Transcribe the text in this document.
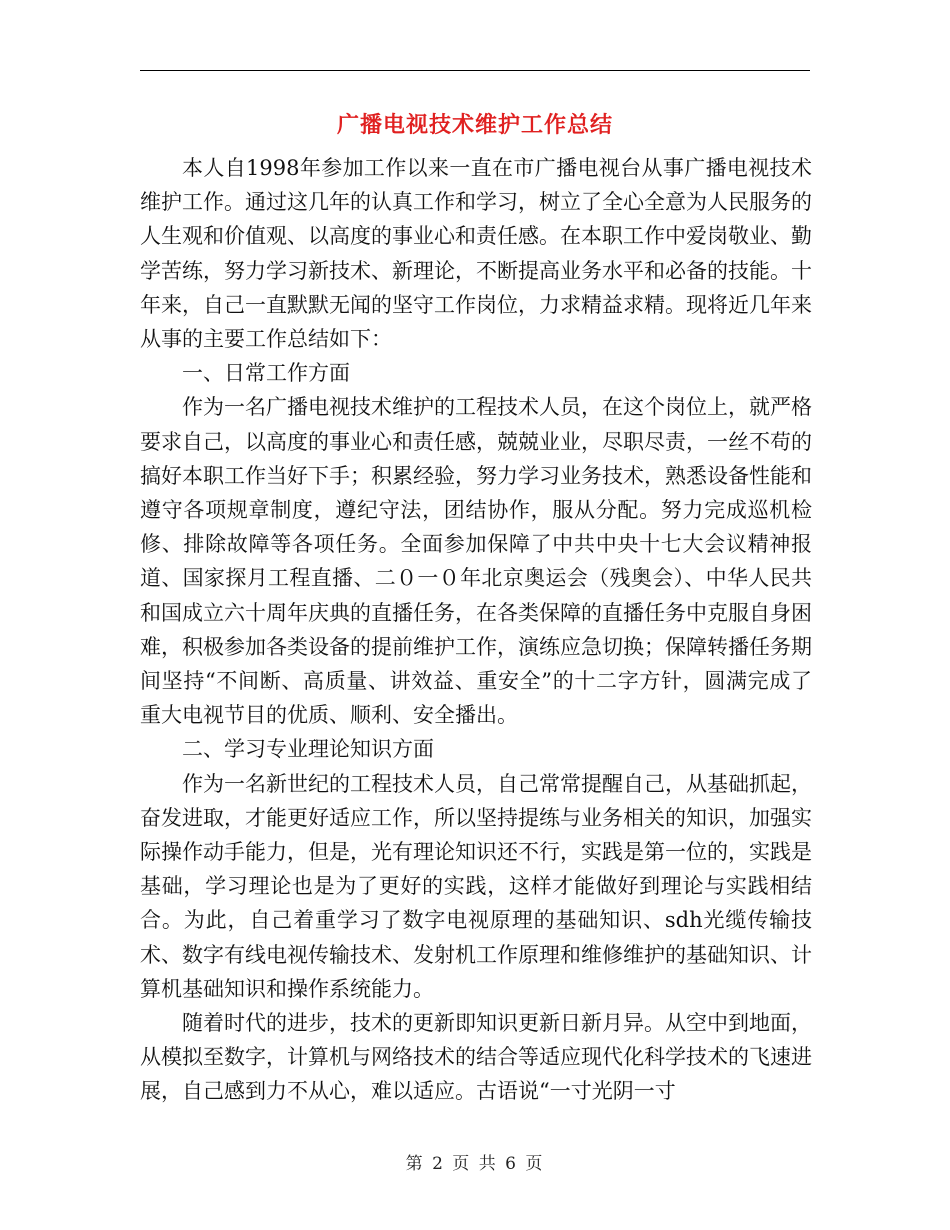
广播电视技术维护工作总结

本人自1998年参加工作以来一直在市广播电视台从事广播电视技术维护工作。通过这几年的认真工作和学习，树立了全心全意为人民服务的人生观和价值观、以高度的事业心和责任感。在本职工作中爱岗敬业、勤学苦练，努力学习新技术、新理论，不断提高业务水平和必备的技能。十年来，自己一直默默无闻的坚守工作岗位，力求精益求精。现将近几年来从事的主要工作总结如下：

一、日常工作方面

作为一名广播电视技术维护的工程技术人员，在这个岗位上，就严格要求自己，以高度的事业心和责任感，兢兢业业，尽职尽责，一丝不苟的搞好本职工作当好下手；积累经验，努力学习业务技术，熟悉设备性能和遵守各项规章制度，遵纪守法，团结协作，服从分配。努力完成巡机检修、排除故障等各项任务。全面参加保障了中共中央十七大会议精神报道、国家探月工程直播、二０一０年北京奥运会（残奥会）、中华人民共和国成立六十周年庆典的直播任务，在各类保障的直播任务中克服自身困难，积极参加各类设备的提前维护工作，演练应急切换；保障转播任务期间坚持“不间断、高质量、讲效益、重安全”的十二字方针，圆满完成了重大电视节目的优质、顺利、安全播出。

二、学习专业理论知识方面

作为一名新世纪的工程技术人员，自己常常提醒自己，从基础抓起，奋发进取，才能更好适应工作，所以坚持提练与业务相关的知识，加强实际操作动手能力，但是，光有理论知识还不行，实践是第一位的，实践是基础，学习理论也是为了更好的实践，这样才能做好到理论与实践相结合。为此，自己着重学习了数字电视原理的基础知识、sdh光缆传输技术、数字有线电视传输技术、发射机工作原理和维修维护的基础知识、计算机基础知识和操作系统能力。

随着时代的进步，技术的更新即知识更新日新月异。从空中到地面，从模拟至数字，计算机与网络技术的结合等适应现代化科学技术的飞速进展，自己感到力不从心，难以适应。古语说“一寸光阴一寸

第 2 页 共 6 页
